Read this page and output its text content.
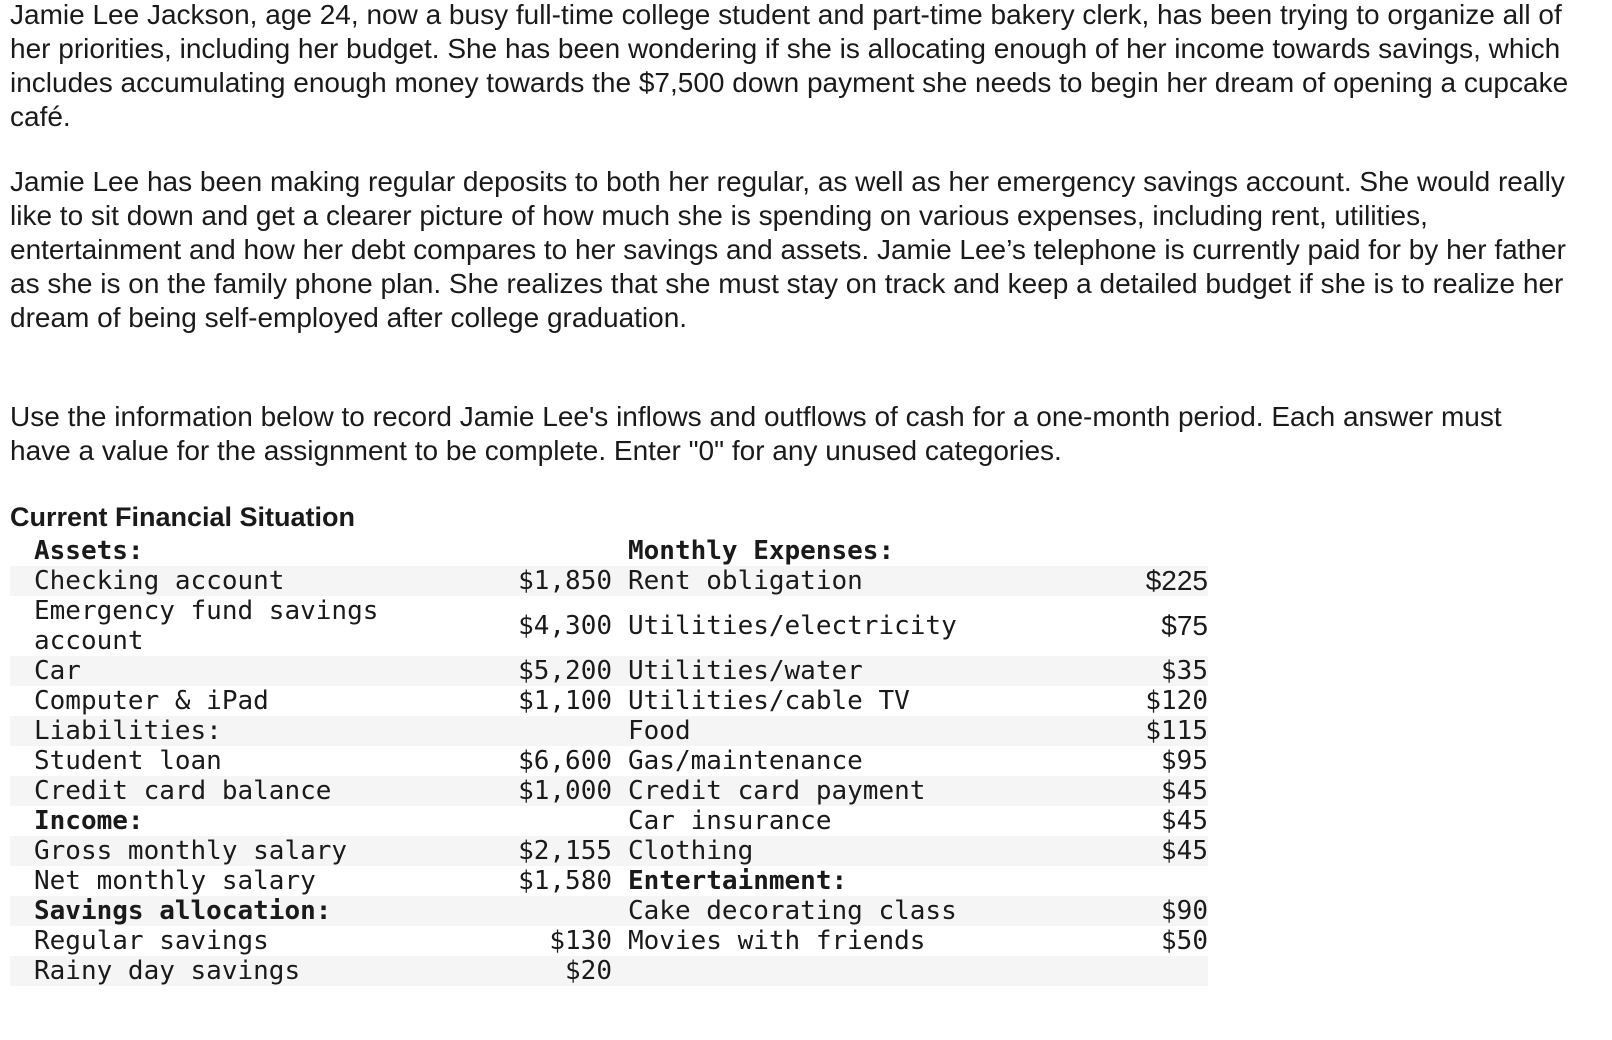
Jamie Lee Jackson, age 24, now a busy full-time college student and part-time bakery clerk, has been trying to organize all of her priorities, including her budget. She has been wondering if she is allocating enough of her income towards savings, which includes accumulating enough money towards the $7,500 down payment she needs to begin her dream of opening a cupcake café.

Jamie Lee has been making regular deposits to both her regular, as well as her emergency savings account. She would really like to sit down and get a clearer picture of how much she is spending on various expenses, including rent, utilities, entertainment and how her debt compares to her savings and assets. Jamie Lee’s telephone is currently paid for by her father as she is on the family phone plan. She realizes that she must stay on track and keep a detailed budget if she is to realize her dream of being self-employed after college graduation.

Use the information below to record Jamie Lee's inflows and outflows of cash for a one-month period. Each answer must have a value for the assignment to be complete. Enter "0" for any unused categories.

Current Financial Situation
	Assets:			Monthly Expenses:		
	Checking account	$1,850		Rent obligation	$225	
	Emergency fund savings account	$4,300		Utilities/electricity	$75	
	Car	$5,200		Utilities/water	$35	
	Computer & iPad	$1,100		Utilities/cable TV	$120	
	Liabilities:			Food	$115	
	Student loan	$6,600		Gas/maintenance	$95	
	Credit card balance	$1,000		Credit card payment	$45	
	Income:			Car insurance	$45	
	Gross monthly salary	$2,155		Clothing	$45	
	Net monthly salary	$1,580		Entertainment:		
	Savings allocation:			Cake decorating class	$90	
	Regular savings	$130		Movies with friends	$50	
	Rainy day savings	$20				
